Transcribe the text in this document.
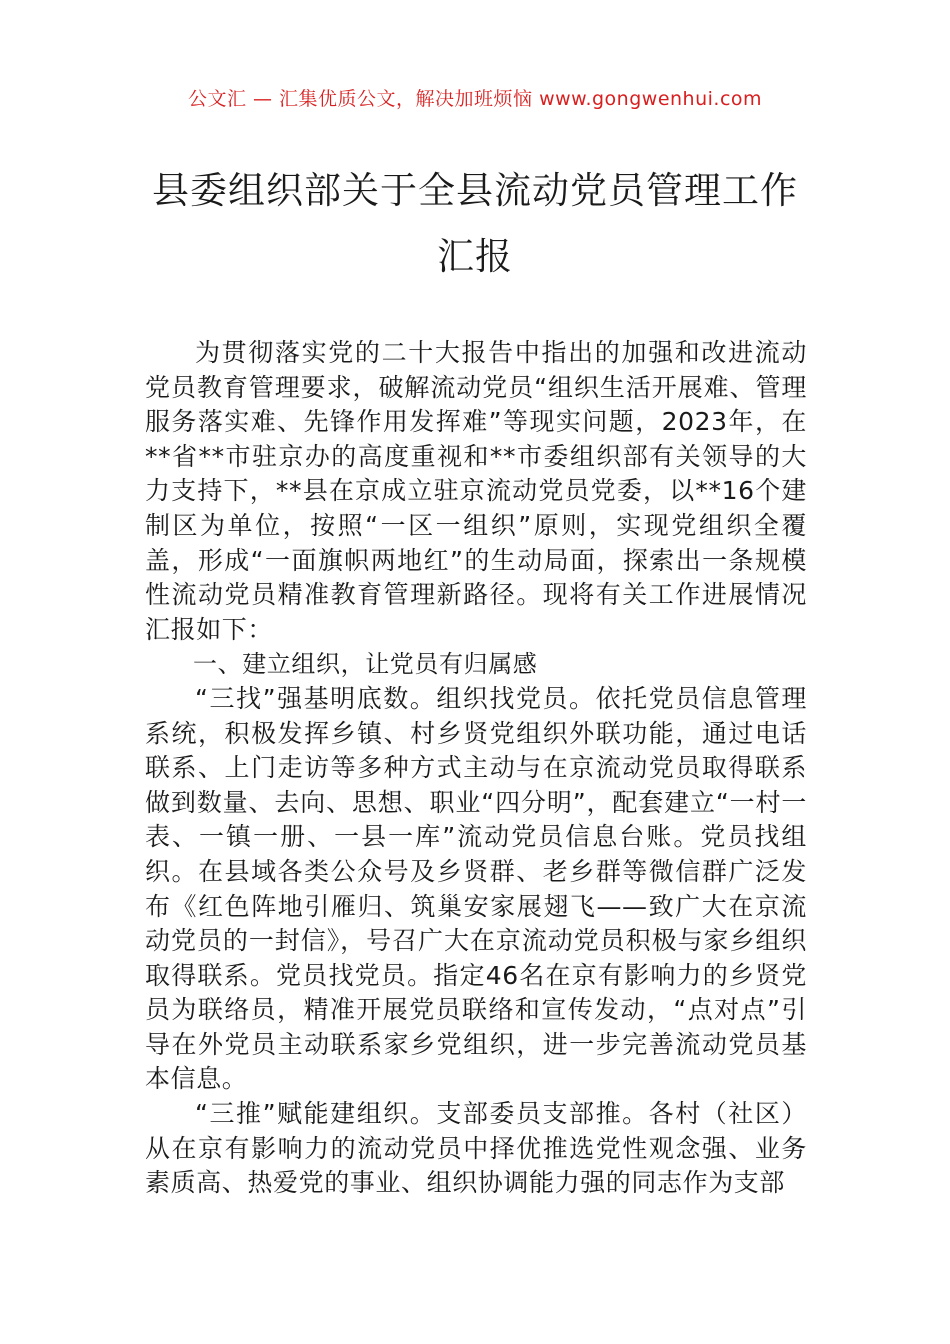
公文汇 — 汇集优质公文，解决加班烦恼 www.gongwenhui.com
县委组织部关于全县流动党员管理工作汇报

为贯彻落实党的二十大报告中指出的加强和改进流动党员教育管理要求，破解流动党员“组织生活开展难、管理服务落实难、先锋作用发挥难”等现实问题，2023年，在**省**市驻京办的高度重视和**市委组织部有关领导的大力支持下，**县在京成立驻京流动党员党委，以**16个建制区为单位，按照“一区一组织”原则，实现党组织全覆盖，形成“一面旗帜两地红”的生动局面，探索出一条规模性流动党员精准教育管理新路径。现将有关工作进展情况汇报如下：

一、建立组织，让党员有归属感

“三找”强基明底数。组织找党员。依托党员信息管理系统，积极发挥乡镇、村乡贤党组织外联功能，通过电话联系、上门走访等多种方式主动与在京流动党员取得联系做到数量、去向、思想、职业“四分明”，配套建立“一村一表、一镇一册、一县一库”流动党员信息台账。党员找组织。在县域各类公众号及乡贤群、老乡群等微信群广泛发布《红色阵地引雁归、筑巢安家展翅飞——致广大在京流动党员的一封信》，号召广大在京流动党员积极与家乡组织取得联系。党员找党员。指定46名在京有影响力的乡贤党员为联络员，精准开展党员联络和宣传发动，“点对点”引导在外党员主动联系家乡党组织，进一步完善流动党员基本信息。

“三推”赋能建组织。支部委员支部推。各村（社区）从在京有影响力的流动党员中择优推选党性观念强、业务素质高、热爱党的事业、组织协调能力强的同志作为支部
